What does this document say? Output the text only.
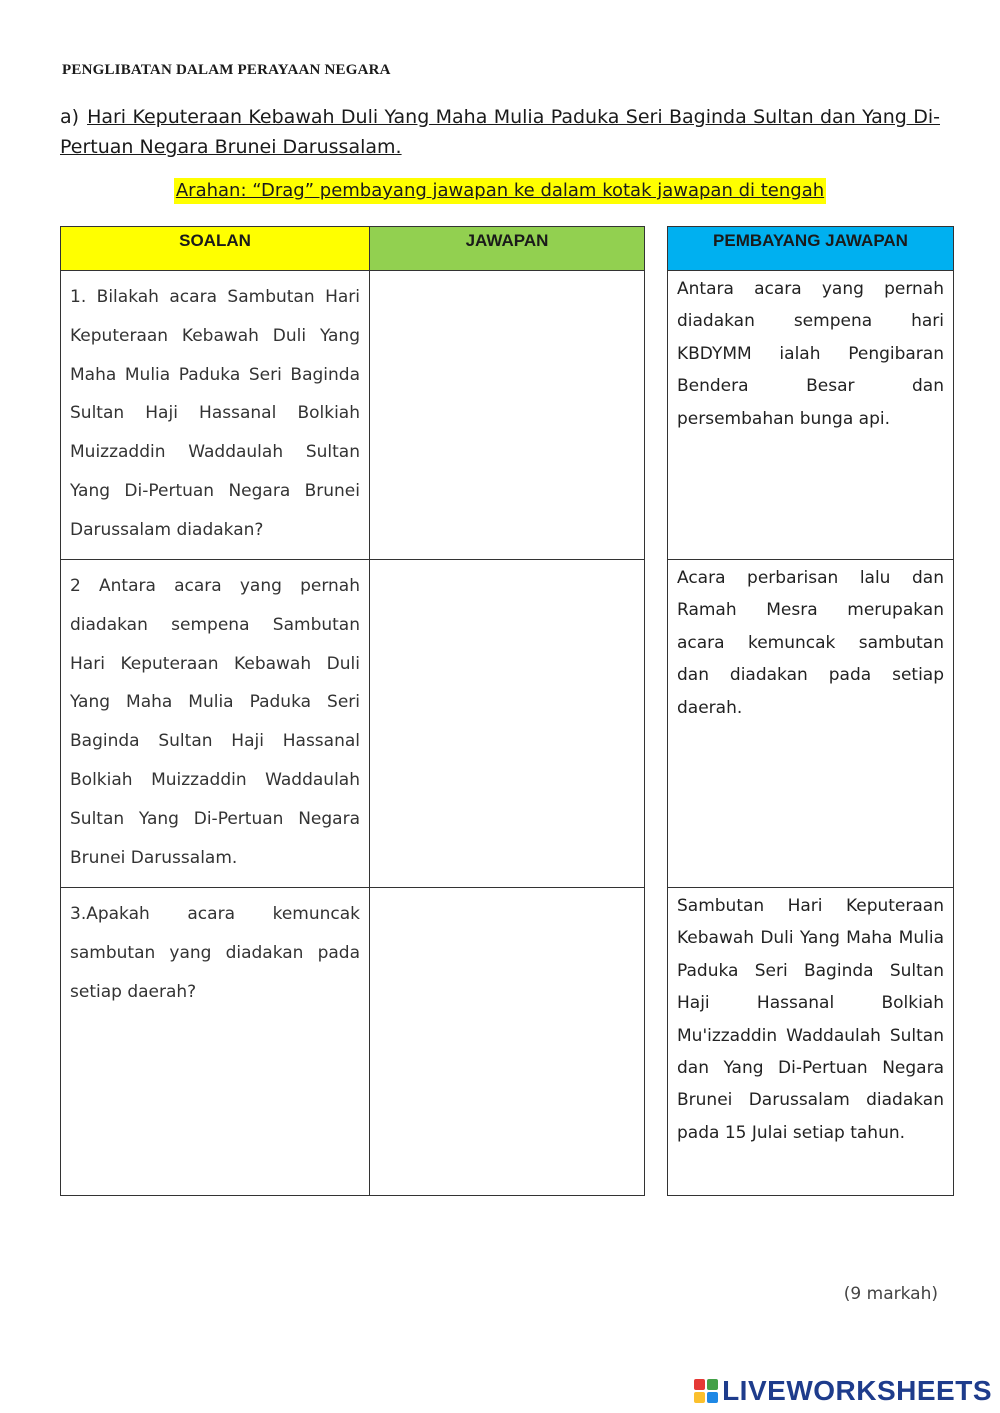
PENGLIBATAN DALAM PERAYAAN NEGARA
a) Hari Keputeraan Kebawah Duli Yang Maha Mulia Paduka Seri Baginda Sultan dan Yang Di-Pertuan Negara Brunei Darussalam.
Arahan: “Drag” pembayang jawapan ke dalam kotak jawapan di tengah
SOALAN	JAWAPAN
1. Bilakah acara Sambutan Hari Keputeraan Kebawah Duli Yang Maha Mulia Paduka Seri Baginda Sultan Haji Hassanal Bolkiah Muizzaddin Waddaulah Sultan Yang Di-Pertuan Negara Brunei Darussalam diadakan?	
2 Antara acara yang pernah diadakan sempena Sambutan Hari Keputeraan Kebawah Duli Yang Maha Mulia Paduka Seri Baginda Sultan Haji Hassanal Bolkiah Muizzaddin Waddaulah Sultan Yang Di-Pertuan Negara Brunei Darussalam.	
3.Apakah acara kemuncak sambutan yang diadakan pada setiap daerah?	
PEMBAYANG JAWAPAN
Antara acara yang pernah diadakan sempena hari KBDYMM ialah Pengibaran Bendera Besar dan persembahan bunga api.
Acara perbarisan lalu dan Ramah Mesra merupakan acara kemuncak sambutan dan diadakan pada setiap daerah.
Sambutan Hari Keputeraan Kebawah Duli Yang Maha Mulia Paduka Seri Baginda Sultan Haji Hassanal Bolkiah Mu'izzaddin Waddaulah Sultan dan Yang Di-Pertuan Negara Brunei Darussalam diadakan pada 15 Julai setiap tahun.
(9 markah)
LIVEWORKSHEETS
